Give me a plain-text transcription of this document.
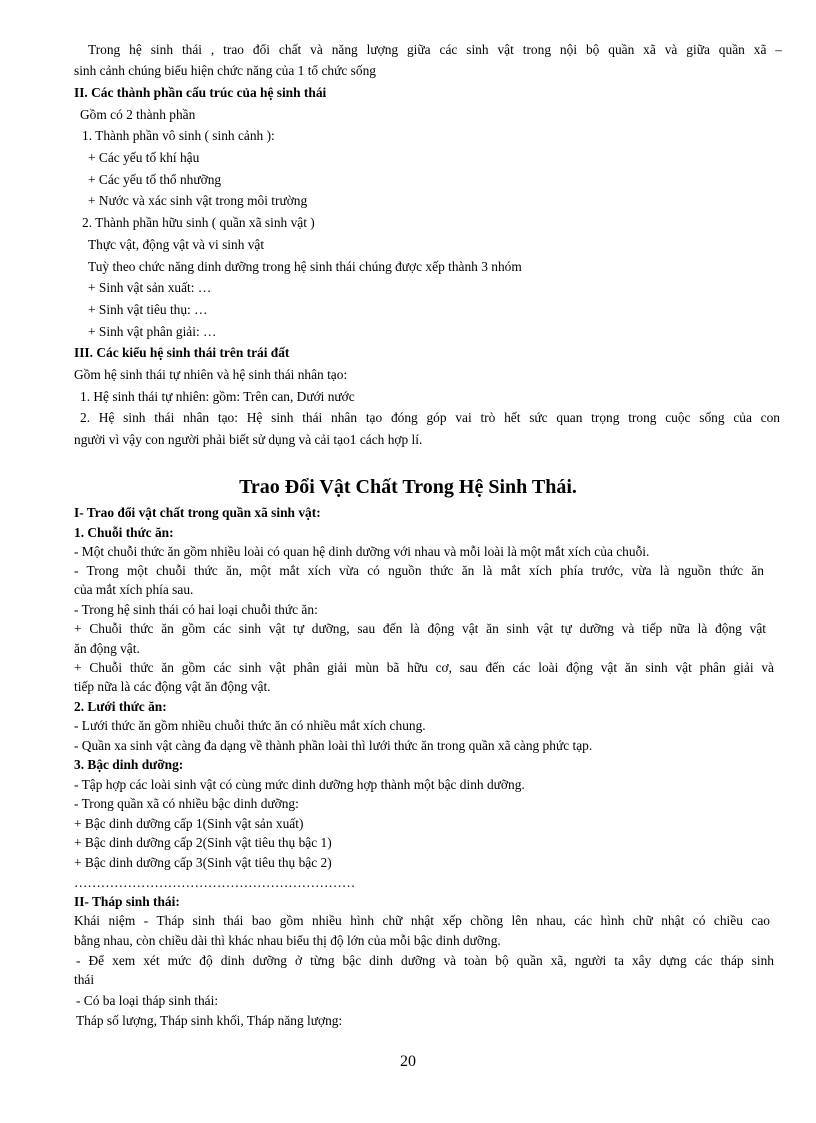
Trong hệ sinh thái , trao đổi chất và năng lượng giữa các sinh vật trong nội bộ quần xã và giữa quần xã –
sinh cảnh chúng biểu hiện chức năng của 1 tổ chức sống
II. Các thành phần cấu trúc của hệ sinh thái
Gồm có 2 thành phần
1. Thành phần vô sinh ( sinh cảnh ):
+ Các yếu tố khí hậu
+ Các yếu tố thổ nhưỡng
+ Nước và xác sinh vật trong môi trường
2. Thành phần hữu sinh ( quần xã sinh vật )
Thực vật, động vật và vi sinh vật
Tuỳ theo chức năng dinh dưỡng trong hệ sinh thái chúng được xếp thành 3 nhóm
+ Sinh vật sản xuất: …
+ Sinh vật tiêu thụ: …
+ Sinh vật phân giải: …
III. Các kiểu hệ sinh thái trên trái đất
Gồm hệ sinh thái tự nhiên và hệ sinh thái nhân tạo:
1. Hệ sinh thái tự nhiên: gồm: Trên can, Dưới nước
2. Hệ sinh thái nhân tạo: Hệ sinh thái nhân tạo đóng góp vai trò hết sức quan trọng trong cuộc sống của con
người vì vậy con người phải biết sử dụng và cải tạo1 cách hợp lí.
Trao Đổi Vật Chất Trong Hệ Sinh Thái.
I- Trao đổi vật chất trong quần xã sinh vật:
1. Chuỗi thức ăn:
- Một chuỗi thức ăn gồm nhiều loài có quan hệ dinh dưỡng với nhau và mỗi loài là một mắt xích của chuỗi.
- Trong một chuỗi thức ăn, một mắt xích vừa có nguồn thức ăn là mắt xích phía trước, vừa là nguồn thức ăn
của mắt xích phía sau.
- Trong hệ sinh thái có hai loại chuỗi thức ăn:
+ Chuỗi thức ăn gồm các sinh vật tự dưỡng, sau đến là động vật ăn sinh vật tự dưỡng và tiếp nữa là động vật
ăn động vật.
+ Chuỗi thức ăn gồm các sinh vật phân giải mùn bã hữu cơ, sau đến các loài động vật ăn sinh vật phân giải và
tiếp nữa là các động vật ăn động vật.
2. Lưới thức ăn:
- Lưới thức ăn gồm nhiều chuỗi thức ăn có nhiều mắt xích chung.
- Quần xa sinh vật càng đa dạng về thành phần loài thì lưới thức ăn trong quần xã càng phức tạp.
3. Bậc dinh dưỡng:
- Tập hợp các loài sinh vật có cùng mức dinh dưỡng hợp thành một bậc dinh dưỡng.
- Trong quần xã có nhiều bậc dinh dưỡng:
+ Bậc dinh dưỡng cấp 1(Sinh vật sản xuất)
+ Bậc dinh dưỡng cấp 2(Sinh vật tiêu thụ bậc 1)
+ Bậc dinh dưỡng cấp 3(Sinh vật tiêu thụ bậc 2)
………………………………………………………
II- Tháp sinh thái:
Khái niệm - Tháp sinh thái bao gồm nhiều hình chữ nhật xếp chồng lên nhau, các hình chữ nhật có chiều cao
bằng nhau, còn chiều dài thì khác nhau biểu thị độ lớn của mỗi bậc dinh dưỡng.
- Để xem xét mức độ dinh dưỡng ở từng bậc dinh dưỡng và toàn bộ quần xã, người ta xây dựng các tháp sinh
thái
- Có ba loại tháp sinh thái:
Tháp số lượng, Tháp sinh khối, Tháp năng lượng:
20
